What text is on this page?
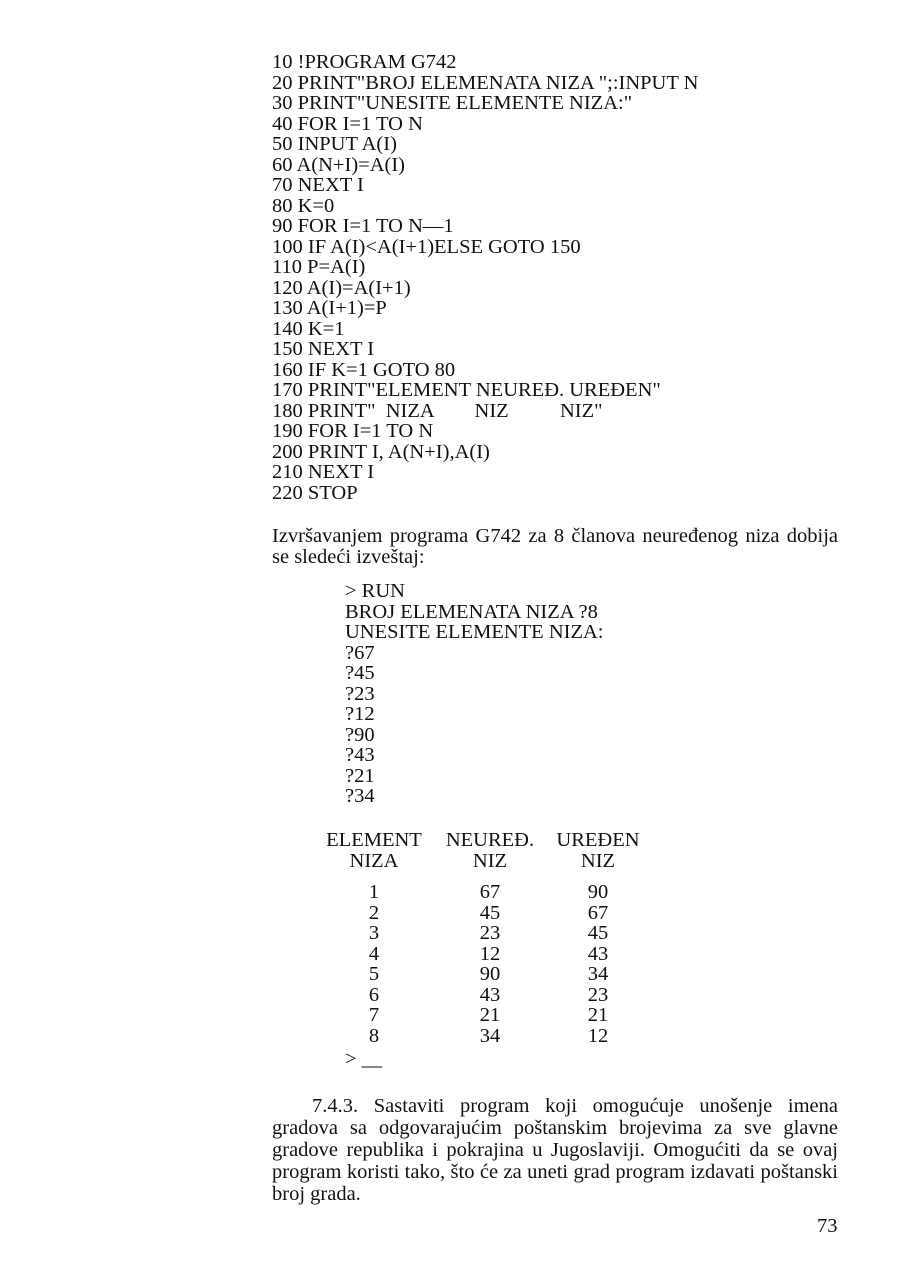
10 !PROGRAM G742
20 PRINT"BROJ ELEMENATA NIZA ";:INPUT N
30 PRINT"UNESITE ELEMENTE NIZA:"
40 FOR I=1 TO N
50 INPUT A(I)
60 A(N+I)=A(I)
70 NEXT I
80 K=0
90 FOR I=1 TO N—1
100 IF A(I)<A(I+1)ELSE GOTO 150
110 P=A(I)
120 A(I)=A(I+1)
130 A(I+1)=P
140 K=1
150 NEXT I
160 IF K=1 GOTO 80
170 PRINT"ELEMENT NEUREĐ. UREĐEN"
180 PRINT"  NIZA        NIZ          NIZ"
190 FOR I=1 TO N
200 PRINT I, A(N+I),A(I)
210 NEXT I
220 STOP
Izvršavanjem programa G742 za 8 članova neuređenog niza dobija se sledeći izveštaj:
> RUN
BROJ ELEMENATA NIZA ?8
UNESITE ELEMENTE NIZA:
?67
?45
?23
?12
?90
?43
?21
?34
ELEMENT	NEUREĐ.	UREĐEN
NIZA	NIZ	NIZ

1	67	90
2	45	67
3	23	45
4	12	43
5	90	34
6	43	23
7	21	21
8	34	12
> __
7.4.3. Sastaviti program koji omogućuje unošenje imena gradova sa odgovarajućim poštanskim brojevima za sve glavne gradove republika i pokrajina u Jugoslaviji. Omogućiti da se ovaj program koristi tako, što će za uneti grad program izdavati poštanski broj grada.
73
